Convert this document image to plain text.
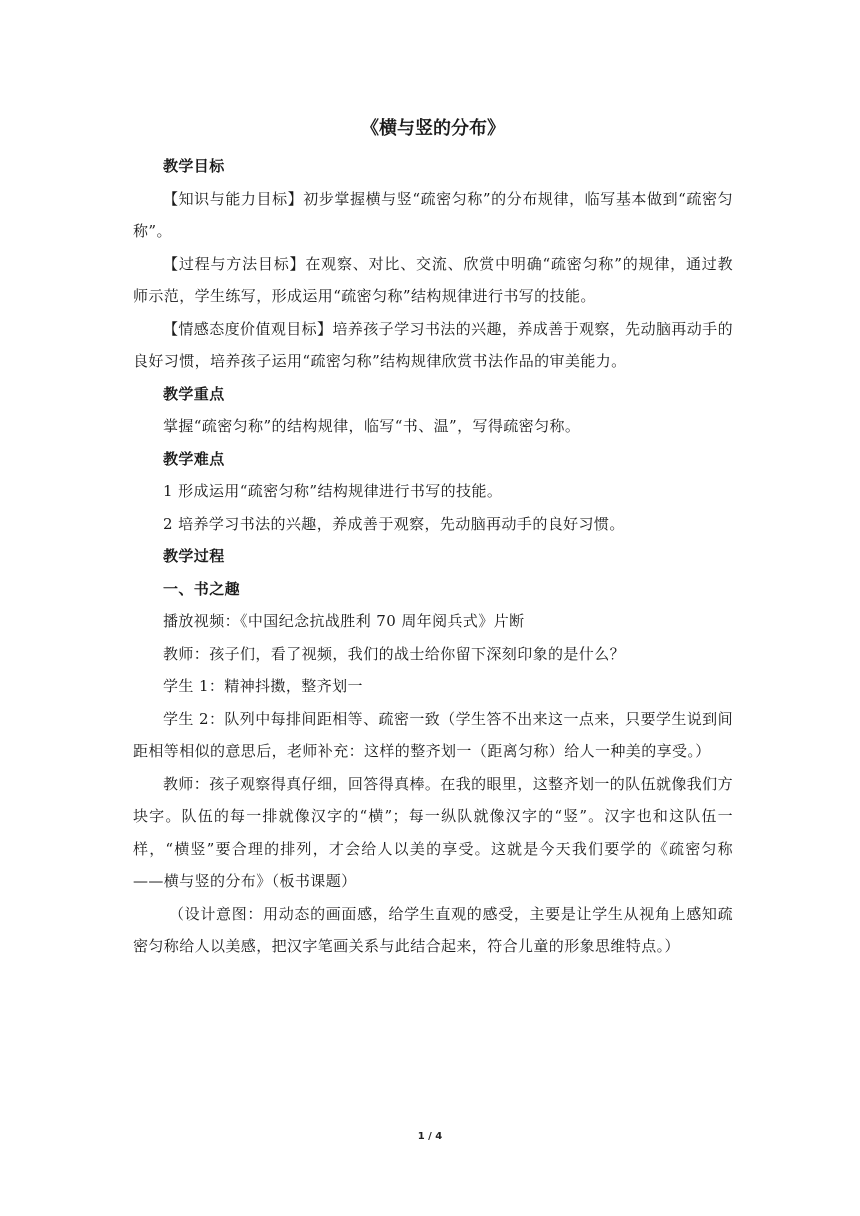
《横与竖的分布》

教学目标

【知识与能力目标】初步掌握横与竖“疏密匀称”的分布规律，临写基本做到“疏密匀称”。

【过程与方法目标】在观察、对比、交流、欣赏中明确“疏密匀称”的规律，通过教师示范，学生练写，形成运用“疏密匀称”结构规律进行书写的技能。

【情感态度价值观目标】培养孩子学习书法的兴趣，养成善于观察，先动脑再动手的良好习惯，培养孩子运用“疏密匀称”结构规律欣赏书法作品的审美能力。

教学重点

掌握“疏密匀称”的结构规律，临写“书、温”，写得疏密匀称。

教学难点

1 形成运用“疏密匀称”结构规律进行书写的技能。

2 培养学习书法的兴趣，养成善于观察，先动脑再动手的良好习惯。

教学过程

一、书之趣

播放视频：《中国纪念抗战胜利 70 周年阅兵式》片断

教师：孩子们，看了视频，我们的战士给你留下深刻印象的是什么？

学生 1：精神抖擞，整齐划一

学生 2：队列中每排间距相等、疏密一致（学生答不出来这一点来，只要学生说到间距相等相似的意思后，老师补充：这样的整齐划一（距离匀称）给人一种美的享受。）

教师：孩子观察得真仔细，回答得真棒。在我的眼里，这整齐划一的队伍就像我们方块字。队伍的每一排就像汉字的“横”；每一纵队就像汉字的“竖”。汉字也和这队伍一样，“横竖”要合理的排列，才会给人以美的享受。这就是今天我们要学的《疏密匀称——横与竖的分布》（板书课题）

（设计意图：用动态的画面感，给学生直观的感受，主要是让学生从视角上感知疏密匀称给人以美感，把汉字笔画关系与此结合起来，符合儿童的形象思维特点。）

1 / 4
